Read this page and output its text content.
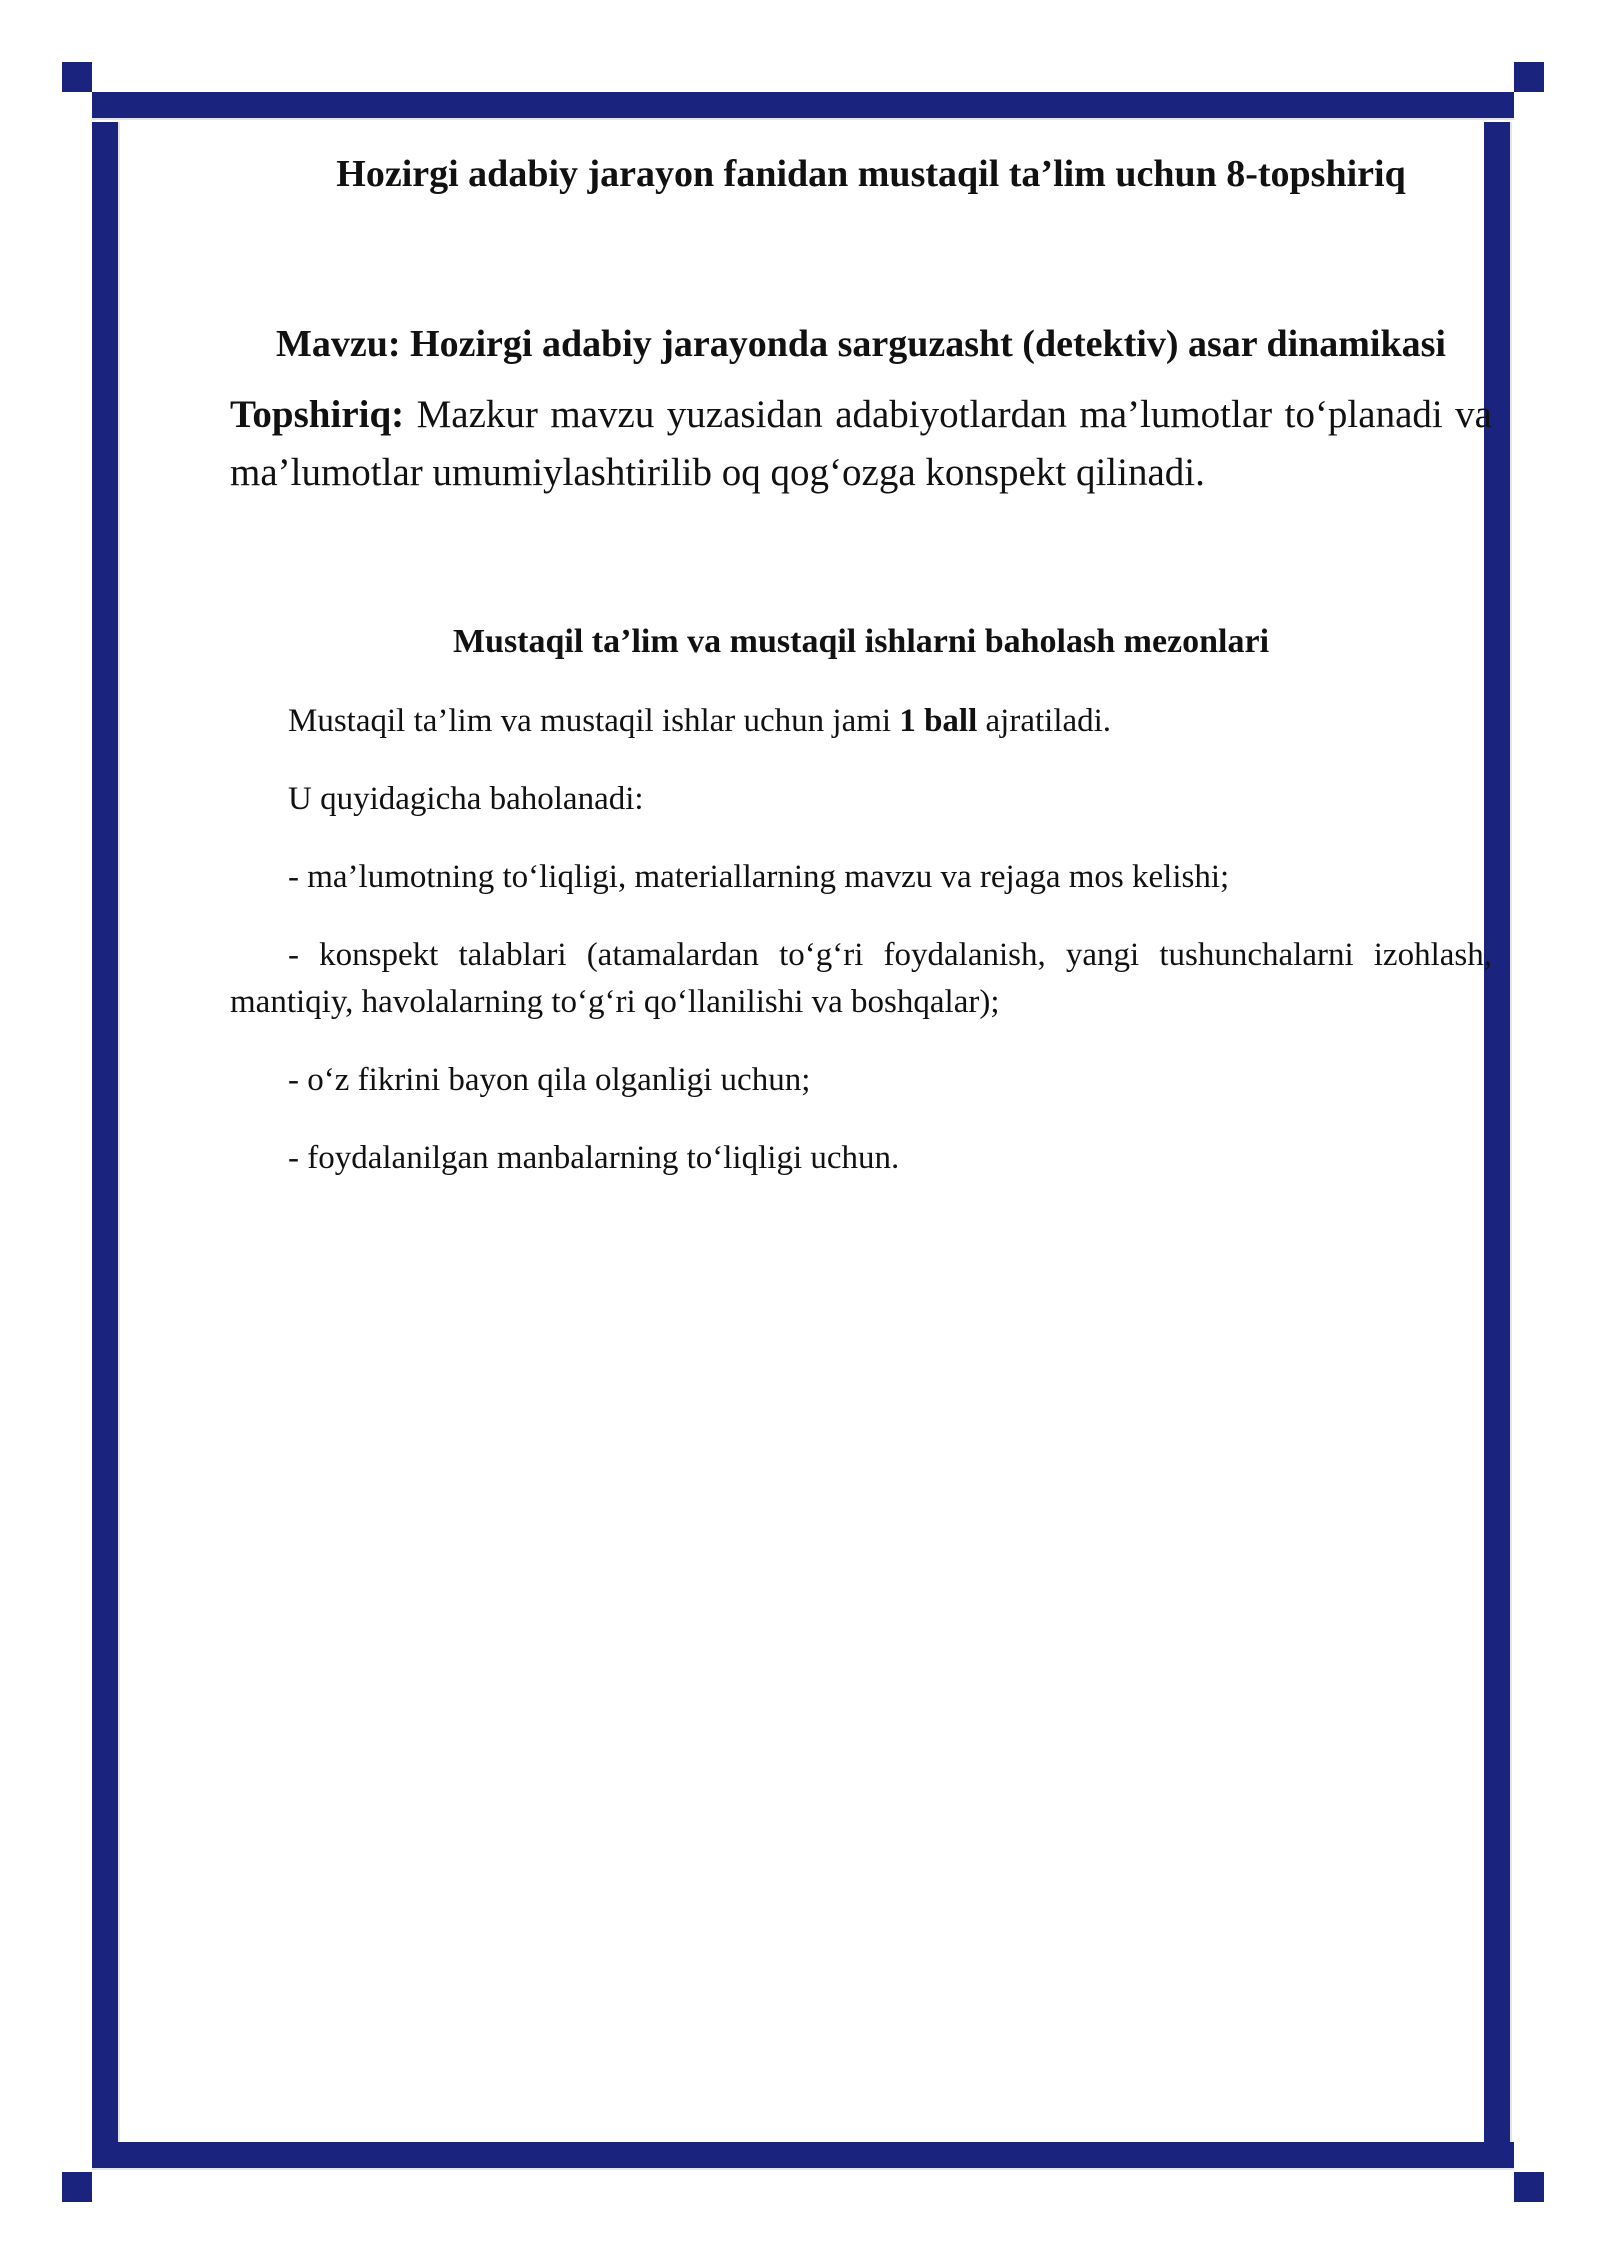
Hozirgi adabiy jarayon fanidan mustaqil ta’lim uchun 8-topshiriq

Mavzu: Hozirgi adabiy jarayonda sarguzasht (detektiv) asar dinamikasi

Topshiriq: Mazkur mavzu yuzasidan adabiyotlardan ma’lumotlar to‘planadi va ma’lumotlar umumiylashtirilib oq qog‘ozga konspekt qilinadi.

Mustaqil ta’lim va mustaqil ishlarni baholash mezonlari

Mustaqil ta’lim va mustaqil ishlar uchun jami 1 ball ajratiladi.

U quyidagicha baholanadi:

- ma’lumotning to‘liqligi, materiallarning mavzu va rejaga mos kelishi;

- konspekt talablari (atamalardan to‘g‘ri foydalanish, yangi tushunchalarni izohlash, mantiqiy, havolalarning to‘g‘ri qo‘llanilishi va boshqalar);

- o‘z fikrini bayon qila olganligi uchun;

- foydalanilgan manbalarning to‘liqligi uchun.
